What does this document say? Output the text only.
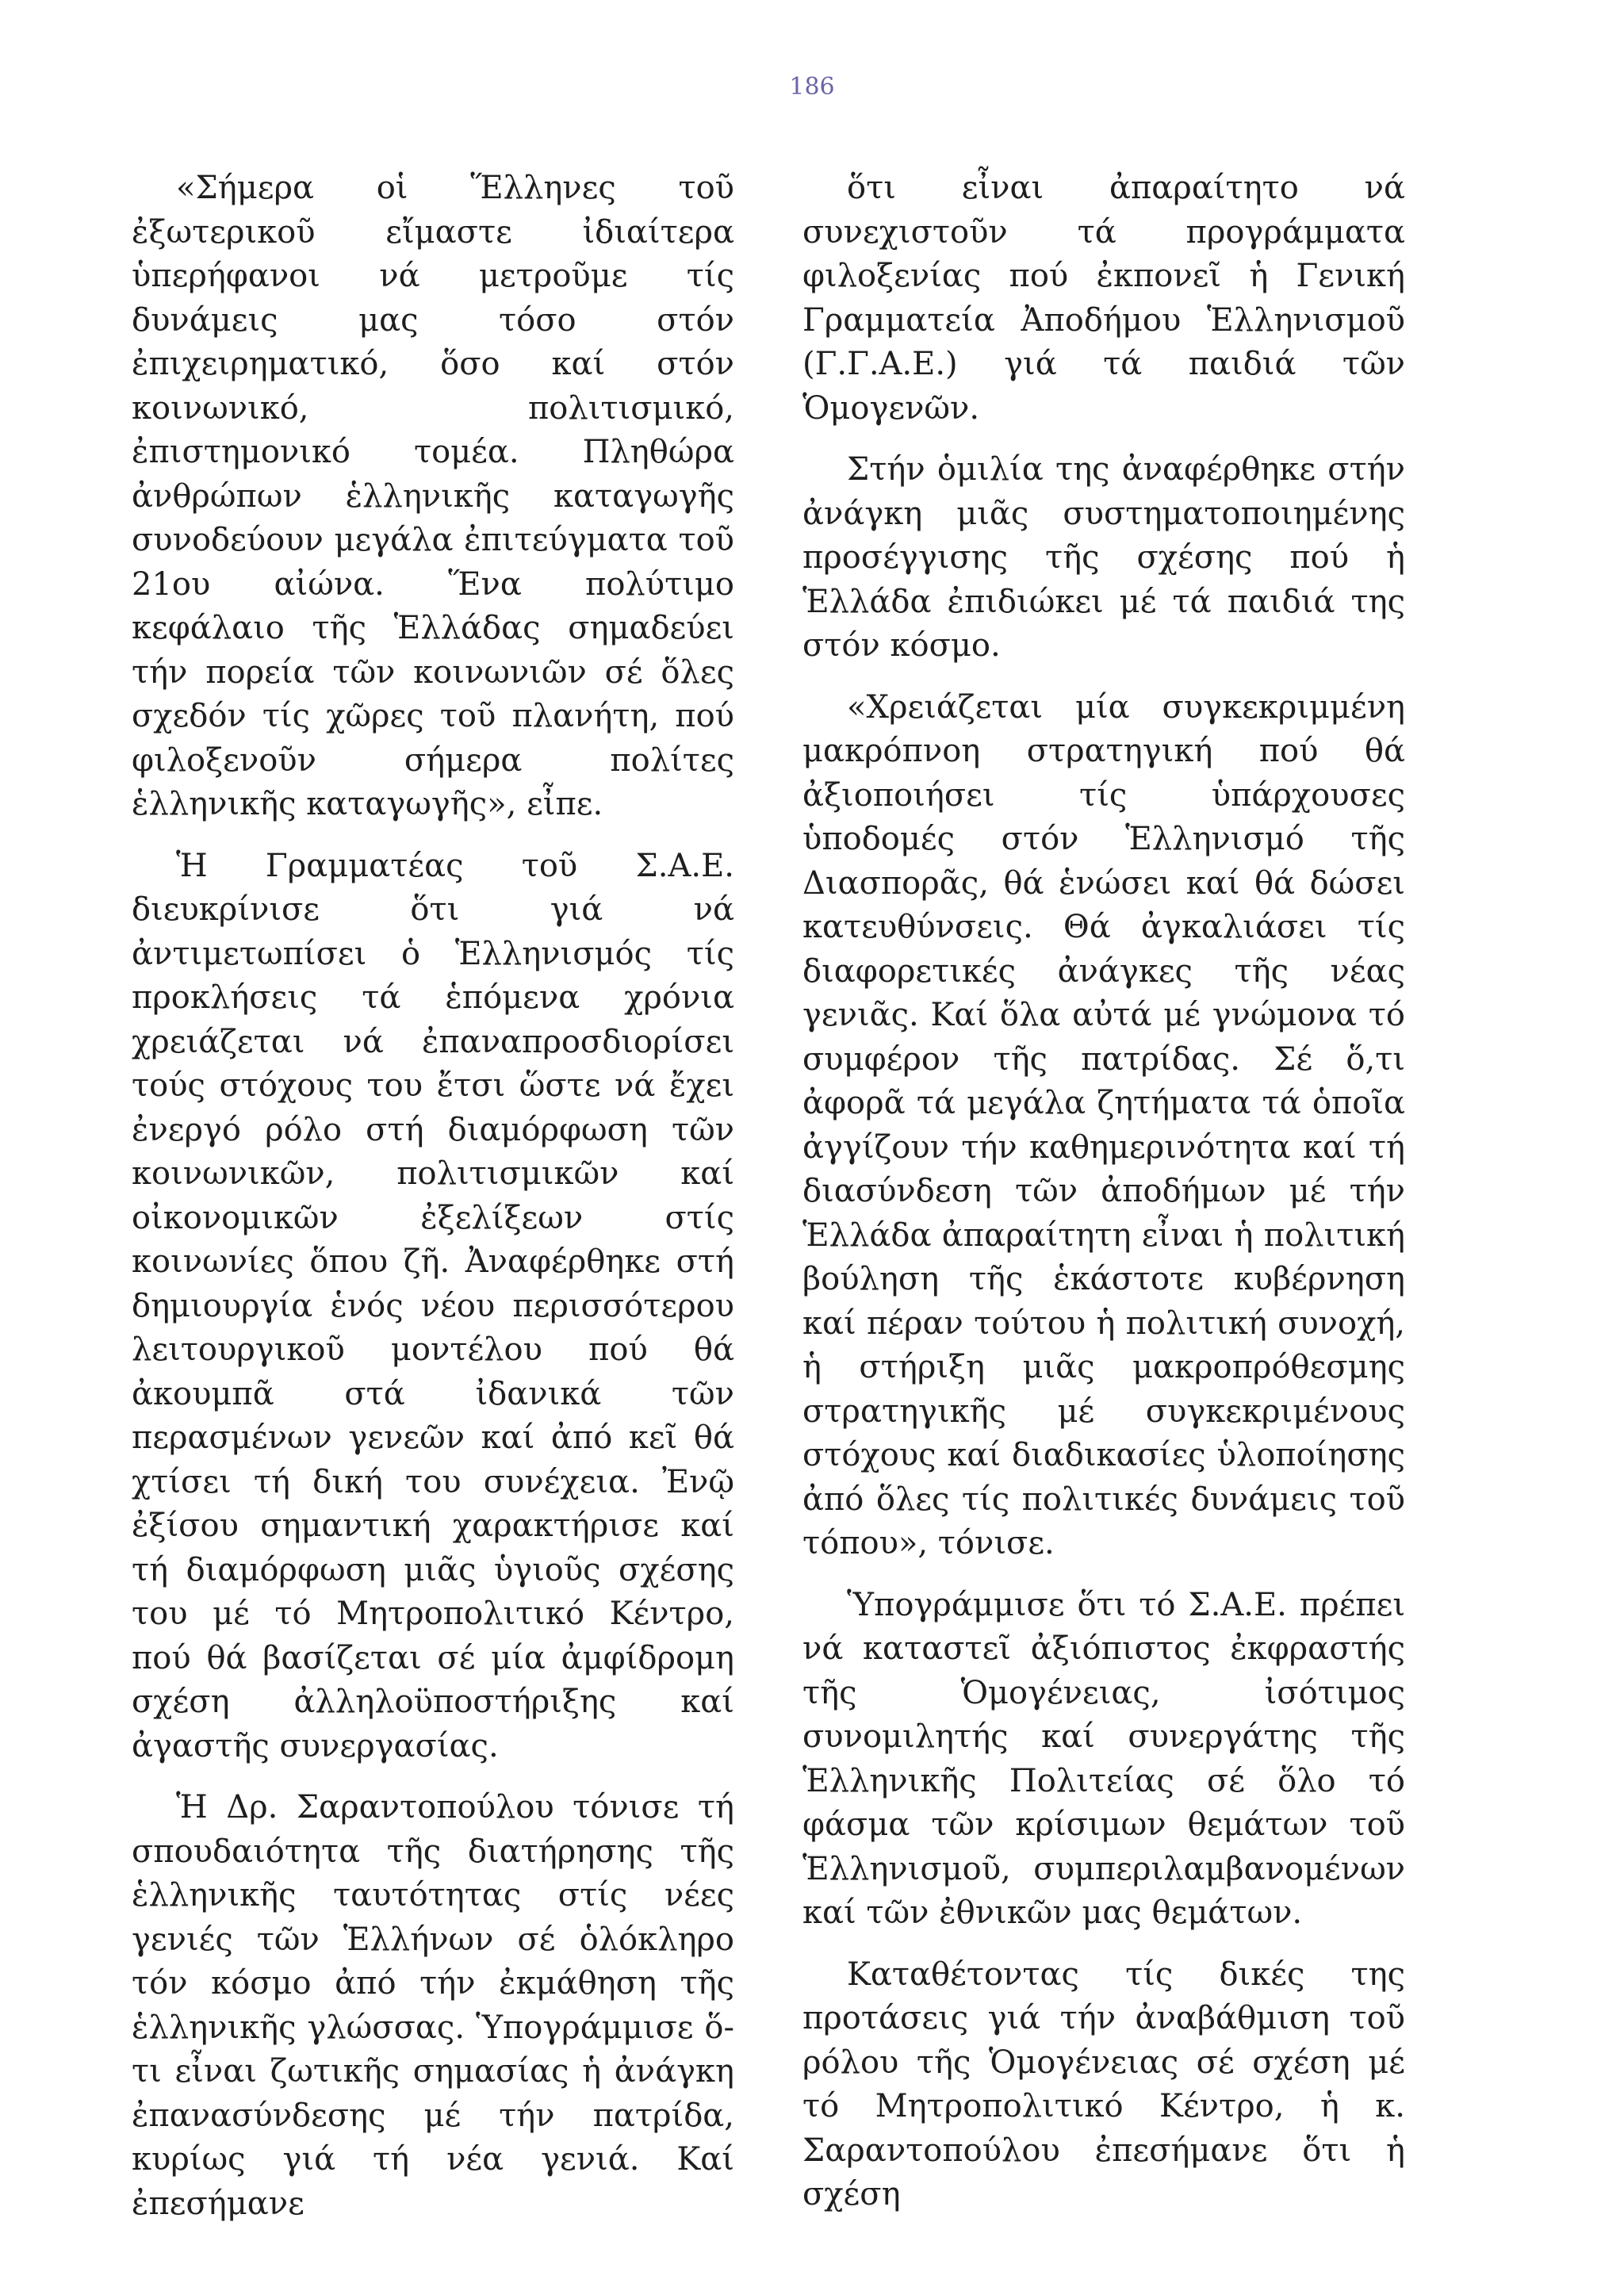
186

«Σήμερα οἱ Ἕλληνες τοῦ ἐξωτερικοῦ εἴμαστε ἰδιαίτερα ὑπερήφανοι νά μετροῦμε τίς δυνάμεις μας τόσο στόν ἐπιχειρηματικό, ὅσο καί στόν κοινωνικό, πολιτισμικό, ἐπιστημονικό τομέα. Πληθώρα ἀνθρώπων ἑλληνικῆς καταγωγῆς συνοδεύουν μεγάλα ἐπιτεύγματα τοῦ 21ου αἰώνα. Ἕνα πολύτιμο κεφάλαιο τῆς Ἑλλάδας σημαδεύει τήν πορεία τῶν κοινωνιῶν σέ ὅλες σχεδόν τίς χῶρες τοῦ πλανήτη, πού φιλοξενοῦν σήμερα πολίτες ἑλληνικῆς καταγωγῆς», εἶπε.

Ἡ Γραμματέας τοῦ Σ.Α.Ε. διευκρίνισε ὅτι γιά νά ἀντιμετωπίσει ὁ Ἑλληνισμός τίς προκλήσεις τά ἑπόμενα χρόνια χρειάζεται νά ἐπαναπροσδιορίσει τούς στόχους του ἔτσι ὥστε νά ἔχει ἐνεργό ρόλο στή διαμόρφωση τῶν κοινωνικῶν, πολιτισμικῶν καί οἰκονομικῶν ἐξελίξεων στίς κοινωνίες ὅπου ζῆ. Ἀναφέρθηκε στή δημιουργία ἑνός νέου περισσότερου λειτουργικοῦ μοντέλου πού θά ἀκουμπᾶ στά ἰδανικά τῶν περασμένων γενεῶν καί ἀπό κεῖ θά χτίσει τή δική του συνέχεια. Ἐνῷ ἐξίσου σημαντική χαρακτήρισε καί τή διαμόρφωση μιᾶς ὑγιοῦς σχέσης του μέ τό Μητροπολιτικό Κέντρο, πού θά βασίζεται σέ μία ἀμφίδρομη σχέση ἀλληλοϋποστήριξης καί ἀγαστῆς συνεργασίας.

Ἡ Δρ. Σαραντοπούλου τόνισε τή σπουδαιότητα τῆς διατήρησης τῆς ἑλληνικῆς ταυτότητας στίς νέες γενιές τῶν Ἑλλήνων σέ ὁλόκληρο τόν κόσμο ἀπό τήν ἐκμάθηση τῆς ἑλληνικῆς γλώσσας. Ὑπογράμμισε ὅ-τι εἶναι ζωτικῆς σημασίας ἡ ἀνάγκη ἐπανασύνδεσης μέ τήν πατρίδα, κυρίως γιά τή νέα γενιά. Καί ἐπεσήμανε

ὅτι εἶναι ἀπαραίτητο νά συνεχιστοῦν τά προγράμματα φιλοξενίας πού ἐκπονεῖ ἡ Γενική Γραμματεία Ἀποδήμου Ἑλληνισμοῦ (Γ.Γ.Α.Ε.) γιά τά παιδιά τῶν Ὁμογενῶν.

Στήν ὁμιλία της ἀναφέρθηκε στήν ἀνάγκη μιᾶς συστηματοποιημένης προσέγγισης τῆς σχέσης πού ἡ Ἑλλάδα ἐπιδιώκει μέ τά παιδιά της στόν κόσμο.

«Χρειάζεται μία συγκεκριμμένη μακρόπνοη στρατηγική πού θά ἀξιοποιήσει τίς ὑπάρχουσες ὑποδομές στόν Ἑλληνισμό τῆς Διασπορᾶς, θά ἑνώσει καί θά δώσει κατευθύνσεις. Θά ἀγκαλιάσει τίς διαφορετικές ἀνάγκες τῆς νέας γενιᾶς. Καί ὅλα αὐτά μέ γνώμονα τό συμφέρον τῆς πατρίδας. Σέ ὅ,τι ἀφορᾶ τά μεγάλα ζητήματα τά ὁποῖα ἀγγίζουν τήν καθημερινότητα καί τή διασύνδεση τῶν ἀποδήμων μέ τήν Ἑλλάδα ἀπαραίτητη εἶναι ἡ πολιτική βούληση τῆς ἑκάστοτε κυβέρνηση καί πέραν τούτου ἡ πολιτική συνοχή, ἡ στήριξη μιᾶς μακροπρόθεσμης στρατηγικῆς μέ συγκεκριμένους στόχους καί διαδικασίες ὑλοποίησης ἀπό ὅλες τίς πολιτικές δυνάμεις τοῦ τόπου», τόνισε.

Ὑπογράμμισε ὅτι τό Σ.Α.Ε. πρέπει νά καταστεῖ ἀξιόπιστος ἐκφραστής τῆς Ὁμογένειας, ἰσότιμος συνομιλητής καί συνεργάτης τῆς Ἑλληνικῆς Πολιτείας σέ ὅλο τό φάσμα τῶν κρίσιμων θεμάτων τοῦ Ἑλληνισμοῦ, συμπεριλαμβανομένων καί τῶν ἐθνικῶν μας θεμάτων.

Καταθέτοντας τίς δικές της προτάσεις γιά τήν ἀναβάθμιση τοῦ ρόλου τῆς Ὁμογένειας σέ σχέση μέ τό Μητροπολιτικό Κέντρο, ἡ κ. Σαραντοπούλου ἐπεσήμανε ὅτι ἡ σχέση
